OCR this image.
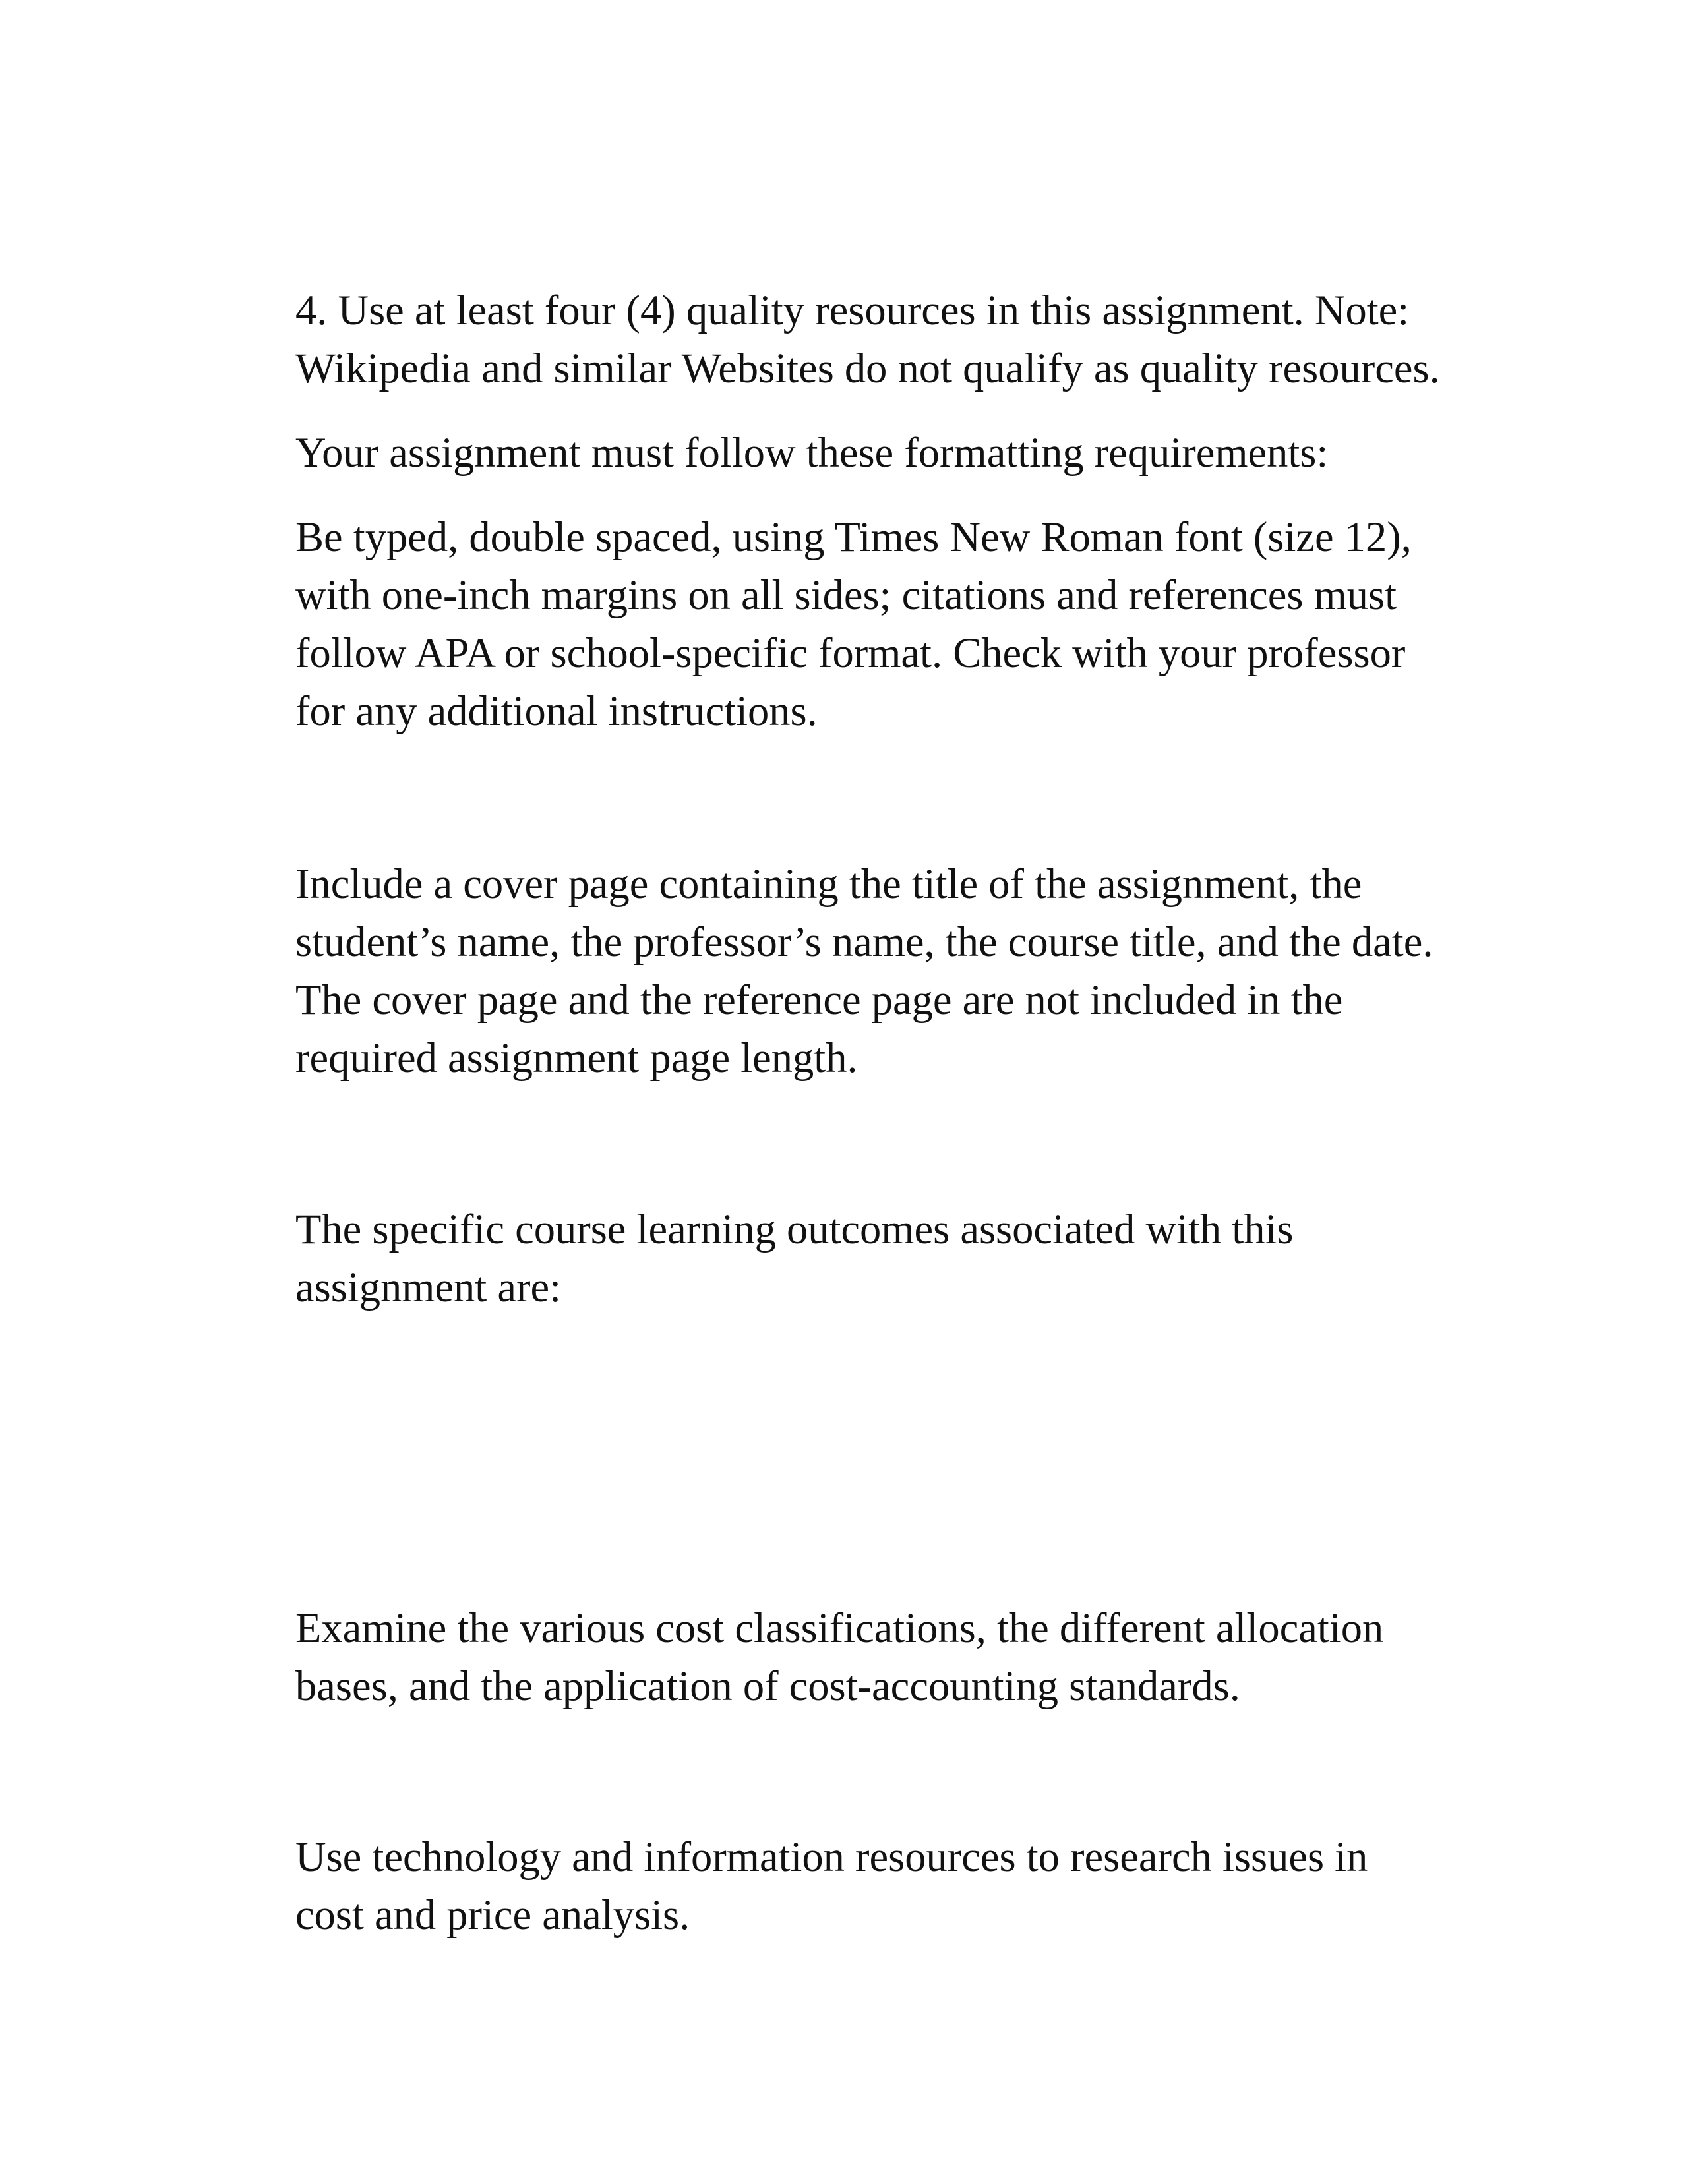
4. Use at least four (4) quality resources in this assignment. Note:
Wikipedia and similar Websites do not qualify as quality resources.

Your assignment must follow these formatting requirements:

Be typed, double spaced, using Times New Roman font (size 12),
with one-inch margins on all sides; citations and references must
follow APA or school-specific format. Check with your professor
for any additional instructions.

Include a cover page containing the title of the assignment, the
student’s name, the professor’s name, the course title, and the date.
The cover page and the reference page are not included in the
required assignment page length.

The specific course learning outcomes associated with this
assignment are:

Examine the various cost classifications, the different allocation
bases, and the application of cost-accounting standards.

Use technology and information resources to research issues in
cost and price analysis.
